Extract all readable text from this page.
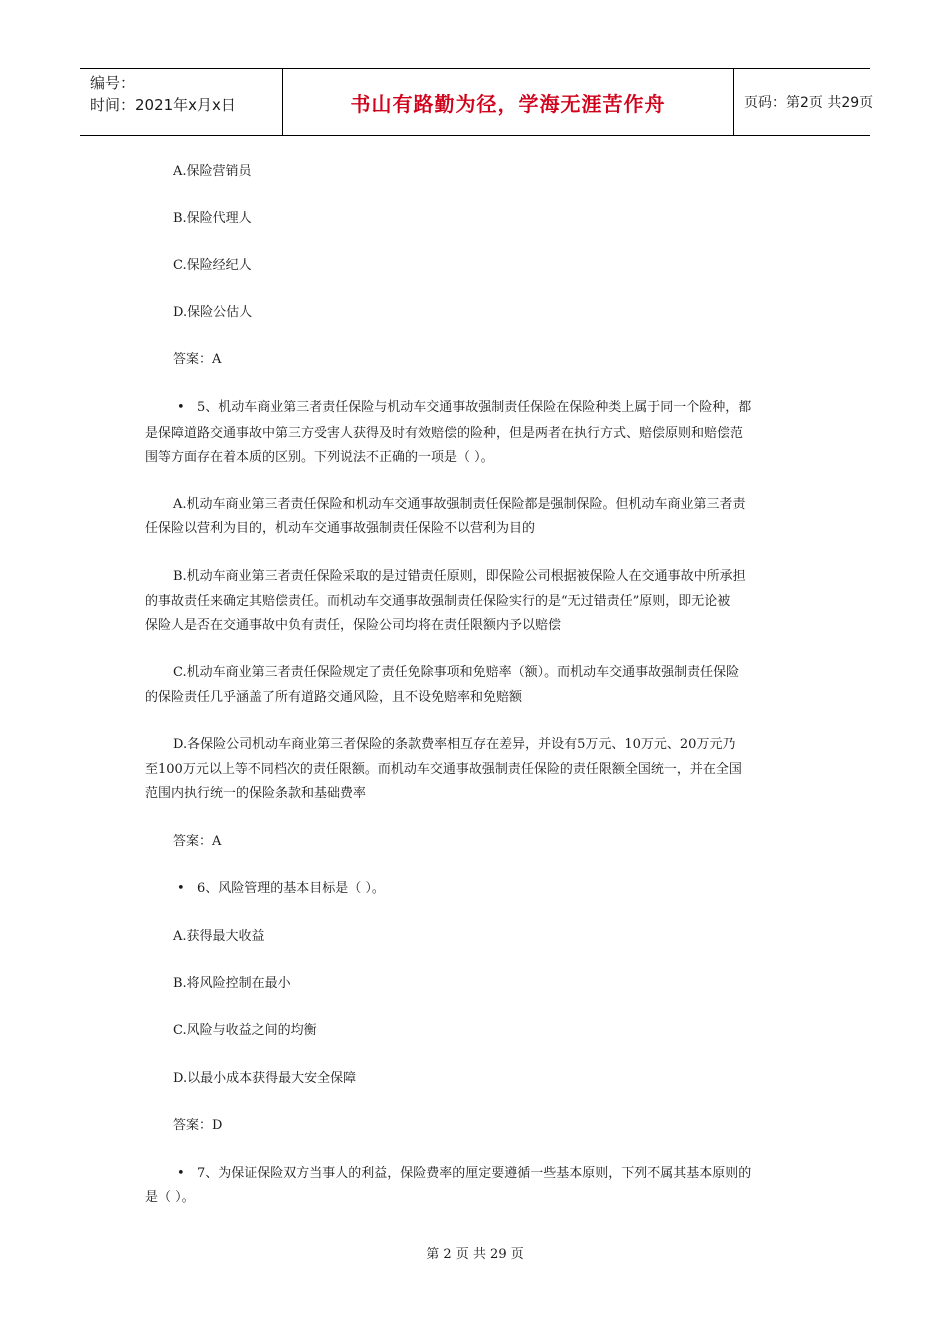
编号：
时间：2021年x月x日	书山有路勤为径，学海无涯苦作舟	页码：第2页 共29页
A.保险营销员
B.保险代理人
C.保险经纪人
D.保险公估人
答案：A
• 5、机动车商业第三者责任保险与机动车交通事故强制责任保险在保险种类上属于同一个险种，都
是保障道路交通事故中第三方受害人获得及时有效赔偿的险种，但是两者在执行方式、赔偿原则和赔偿范
围等方面存在着本质的区别。下列说法不正确的一项是（ ）。
A.机动车商业第三者责任保险和机动车交通事故强制责任保险都是强制保险。但机动车商业第三者责
任保险以营利为目的，机动车交通事故强制责任保险不以营利为目的
B.机动车商业第三者责任保险采取的是过错责任原则，即保险公司根据被保险人在交通事故中所承担
的事故责任来确定其赔偿责任。而机动车交通事故强制责任保险实行的是“无过错责任”原则，即无论被
保险人是否在交通事故中负有责任，保险公司均将在责任限额内予以赔偿
C.机动车商业第三者责任保险规定了责任免除事项和免赔率（额）。而机动车交通事故强制责任保险
的保险责任几乎涵盖了所有道路交通风险，且不设免赔率和免赔额
D.各保险公司机动车商业第三者保险的条款费率相互存在差异，并设有5万元、10万元、20万元乃
至100万元以上等不同档次的责任限额。而机动车交通事故强制责任保险的责任限额全国统一，并在全国
范围内执行统一的保险条款和基础费率
答案：A
• 6、风险管理的基本目标是（ ）。
A.获得最大收益
B.将风险控制在最小
C.风险与收益之间的均衡
D.以最小成本获得最大安全保障
答案：D
• 7、为保证保险双方当事人的利益，保险费率的厘定要遵循一些基本原则，下列不属其基本原则的
是（ ）。
第 2 页 共 29 页
